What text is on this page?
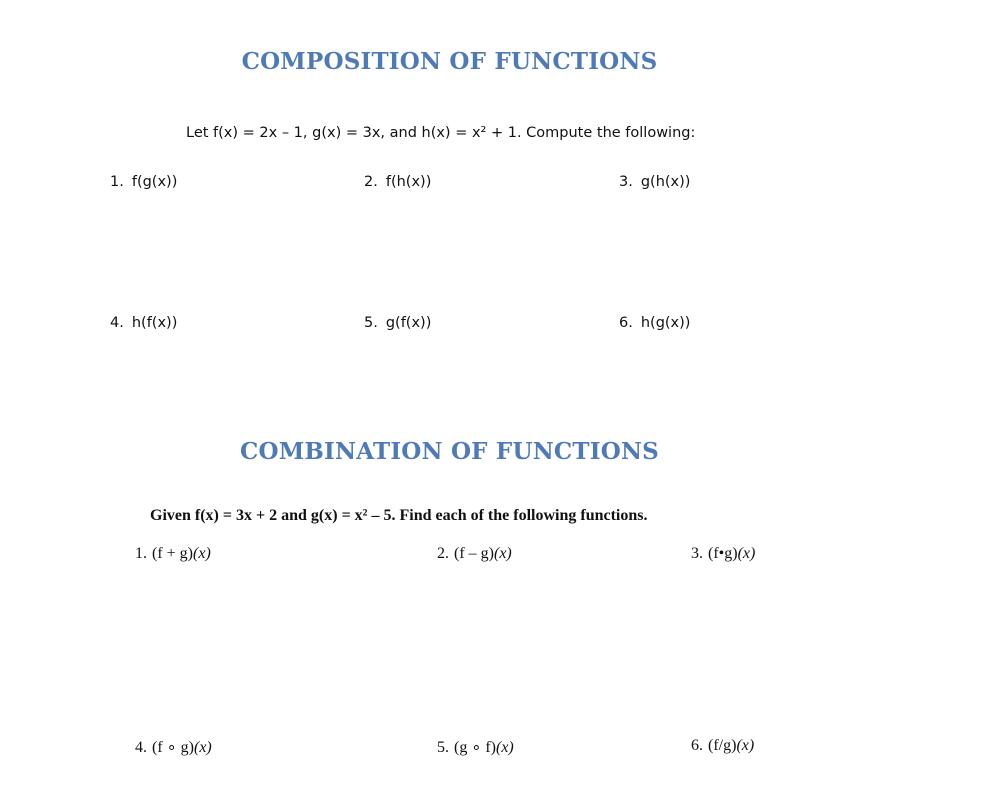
COMPOSITION OF FUNCTIONS
Let f(x) = 2x – 1, g(x) = 3x, and h(x) = x² + 1. Compute the following:
1. f(g(x))	2. f(h(x))	3. g(h(x))
4. h(f(x))	5. g(f(x))	6. h(g(x))
COMBINATION OF FUNCTIONS
Given f(x) = 3x + 2 and g(x) = x² – 5. Find each of the following functions.
1. (f + g)(x)	2. (f – g)(x)	3. (f•g)(x)
4. (f ∘ g)(x)	5. (g ∘ f)(x)	6. (f/g)(x)
